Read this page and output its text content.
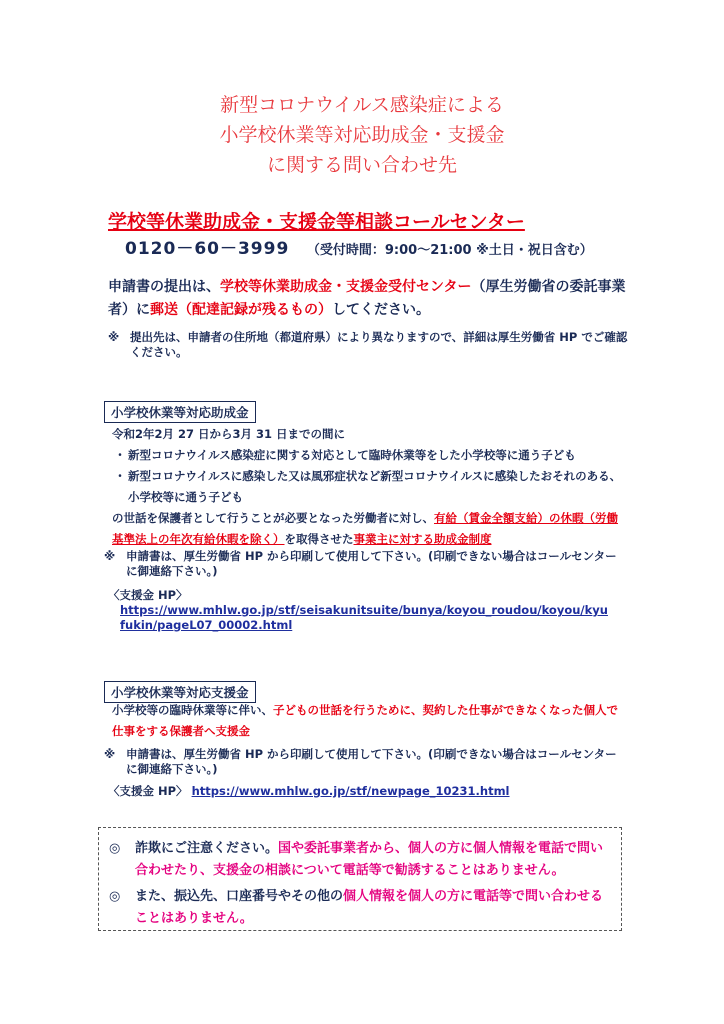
新型コロナウイルス感染症による
小学校休業等対応助成金・支援金
に関する問い合わせ先
学校等休業助成金・支援金等相談コールセンター
0120－60－3999 （受付時間：9:00～21:00 ※土日・祝日含む）
申請書の提出は、学校等休業助成金・支援金受付センター（厚生労働省の委託事業者）に郵送（配達記録が残るもの）してください。
※ 提出先は、申請者の住所地（都道府県）により異なりますので、詳細は厚生労働省 HP でご確認ください。
小学校休業等対応助成金
令和2年2月 27 日から3月 31 日までの間に
・ 新型コロナウイルス感染症に関する対応として臨時休業等をした小学校等に通う子ども
・ 新型コロナウイルスに感染した又は風邪症状など新型コロナウイルスに感染したおそれのある、小学校等に通う子ども
の世話を保護者として行うことが必要となった労働者に対し、有給（賃金全額支給）の休暇（労働基準法上の年次有給休暇を除く）を取得させた事業主に対する助成金制度
※ 申請書は、厚生労働省 HP から印刷して使用して下さい。(印刷できない場合はコールセンターに御連絡下さい。)
〈支援金 HP〉
https://www.mhlw.go.jp/stf/seisakunitsuite/bunya/koyou_roudou/koyou/kyufukin/pageL07_00002.html
小学校休業等対応支援金
小学校等の臨時休業等に伴い、子どもの世話を行うために、契約した仕事ができなくなった個人で仕事をする保護者へ支援金
※ 申請書は、厚生労働省 HP から印刷して使用して下さい。(印刷できない場合はコールセンターに御連絡下さい。)
〈支援金 HP〉 https://www.mhlw.go.jp/stf/newpage_10231.html
◎	詐欺にご注意ください。国や委託事業者から、個人の方に個人情報を電話で問い合わせたり、支援金の相談について電話等で勧誘することはありません。
◎	また、振込先、口座番号やその他の個人情報を個人の方に電話等で問い合わせることはありません。
